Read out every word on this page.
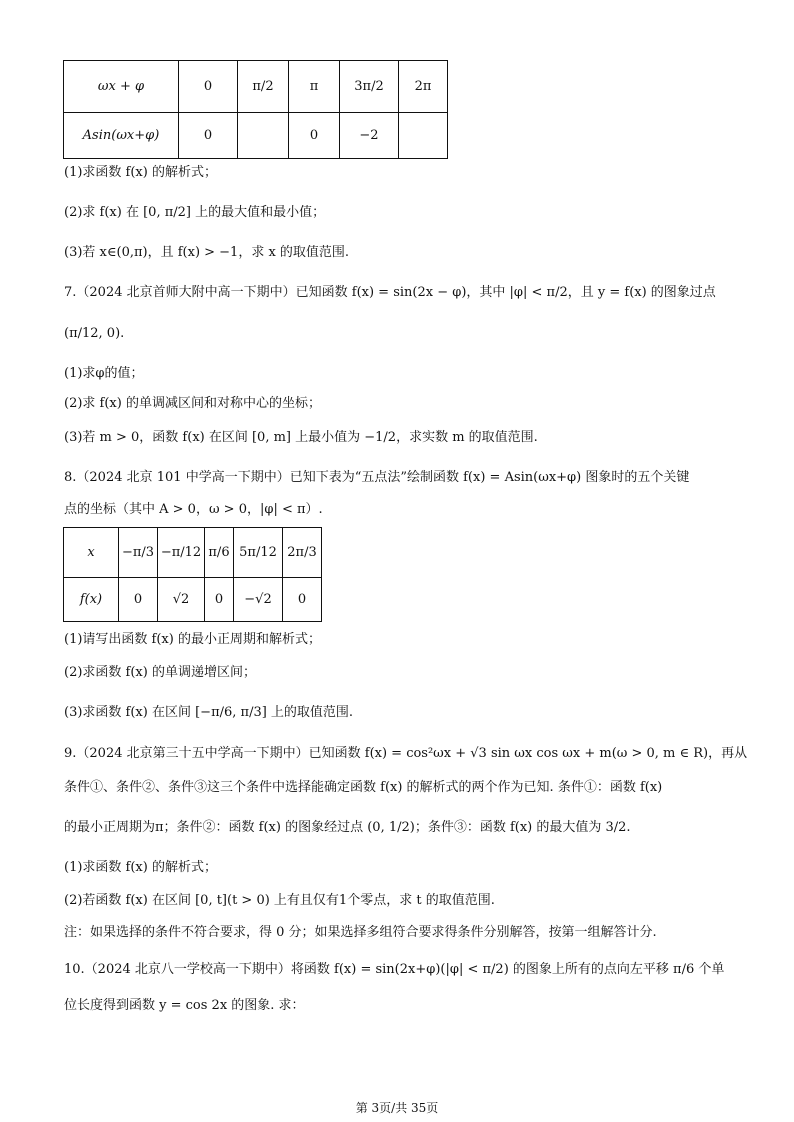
ωx + φ	0	π/2	π	3π/2	2π
Asin(ωx+φ)	0		0	−2	
(1)求函数 f(x) 的解析式；
(2)求 f(x) 在 [0, π/2] 上的最大值和最小值；
(3)若 x∈(0,π)，且 f(x) > −1，求 x 的取值范围.
7.（2024 北京首师大附中高一下期中）已知函数 f(x) = sin(2x − φ)，其中 |φ| < π/2，且 y = f(x) 的图象过点
(π/12, 0).
(1)求φ的值；
(2)求 f(x) 的单调减区间和对称中心的坐标；
(3)若 m > 0，函数 f(x) 在区间 [0, m] 上最小值为 −1/2，求实数 m 的取值范围.
8.（2024 北京 101 中学高一下期中）已知下表为“五点法”绘制函数 f(x) = Asin(ωx+φ) 图象时的五个关键
点的坐标（其中 A > 0，ω > 0，|φ| < π）.
x	−π/3	−π/12	π/6	5π/12	2π/3
f(x)	0	√2	0	−√2	0
(1)请写出函数 f(x) 的最小正周期和解析式；
(2)求函数 f(x) 的单调递增区间；
(3)求函数 f(x) 在区间 [−π/6, π/3] 上的取值范围.
9.（2024 北京第三十五中学高一下期中）已知函数 f(x) = cos²ωx + √3 sin ωx cos ωx + m(ω > 0, m ∈ R)，再从
条件①、条件②、条件③这三个条件中选择能确定函数 f(x) 的解析式的两个作为已知. 条件①：函数 f(x)
的最小正周期为π；条件②：函数 f(x) 的图象经过点 (0, 1/2)；条件③：函数 f(x) 的最大值为 3/2.
(1)求函数 f(x) 的解析式；
(2)若函数 f(x) 在区间 [0, t](t > 0) 上有且仅有1个零点，求 t 的取值范围.
注：如果选择的条件不符合要求，得 0 分；如果选择多组符合要求得条件分别解答，按第一组解答计分.
10.（2024 北京八一学校高一下期中）将函数 f(x) = sin(2x+φ)(|φ| < π/2) 的图象上所有的点向左平移 π/6 个单
位长度得到函数 y = cos 2x 的图象. 求：
第 3页/共 35页
